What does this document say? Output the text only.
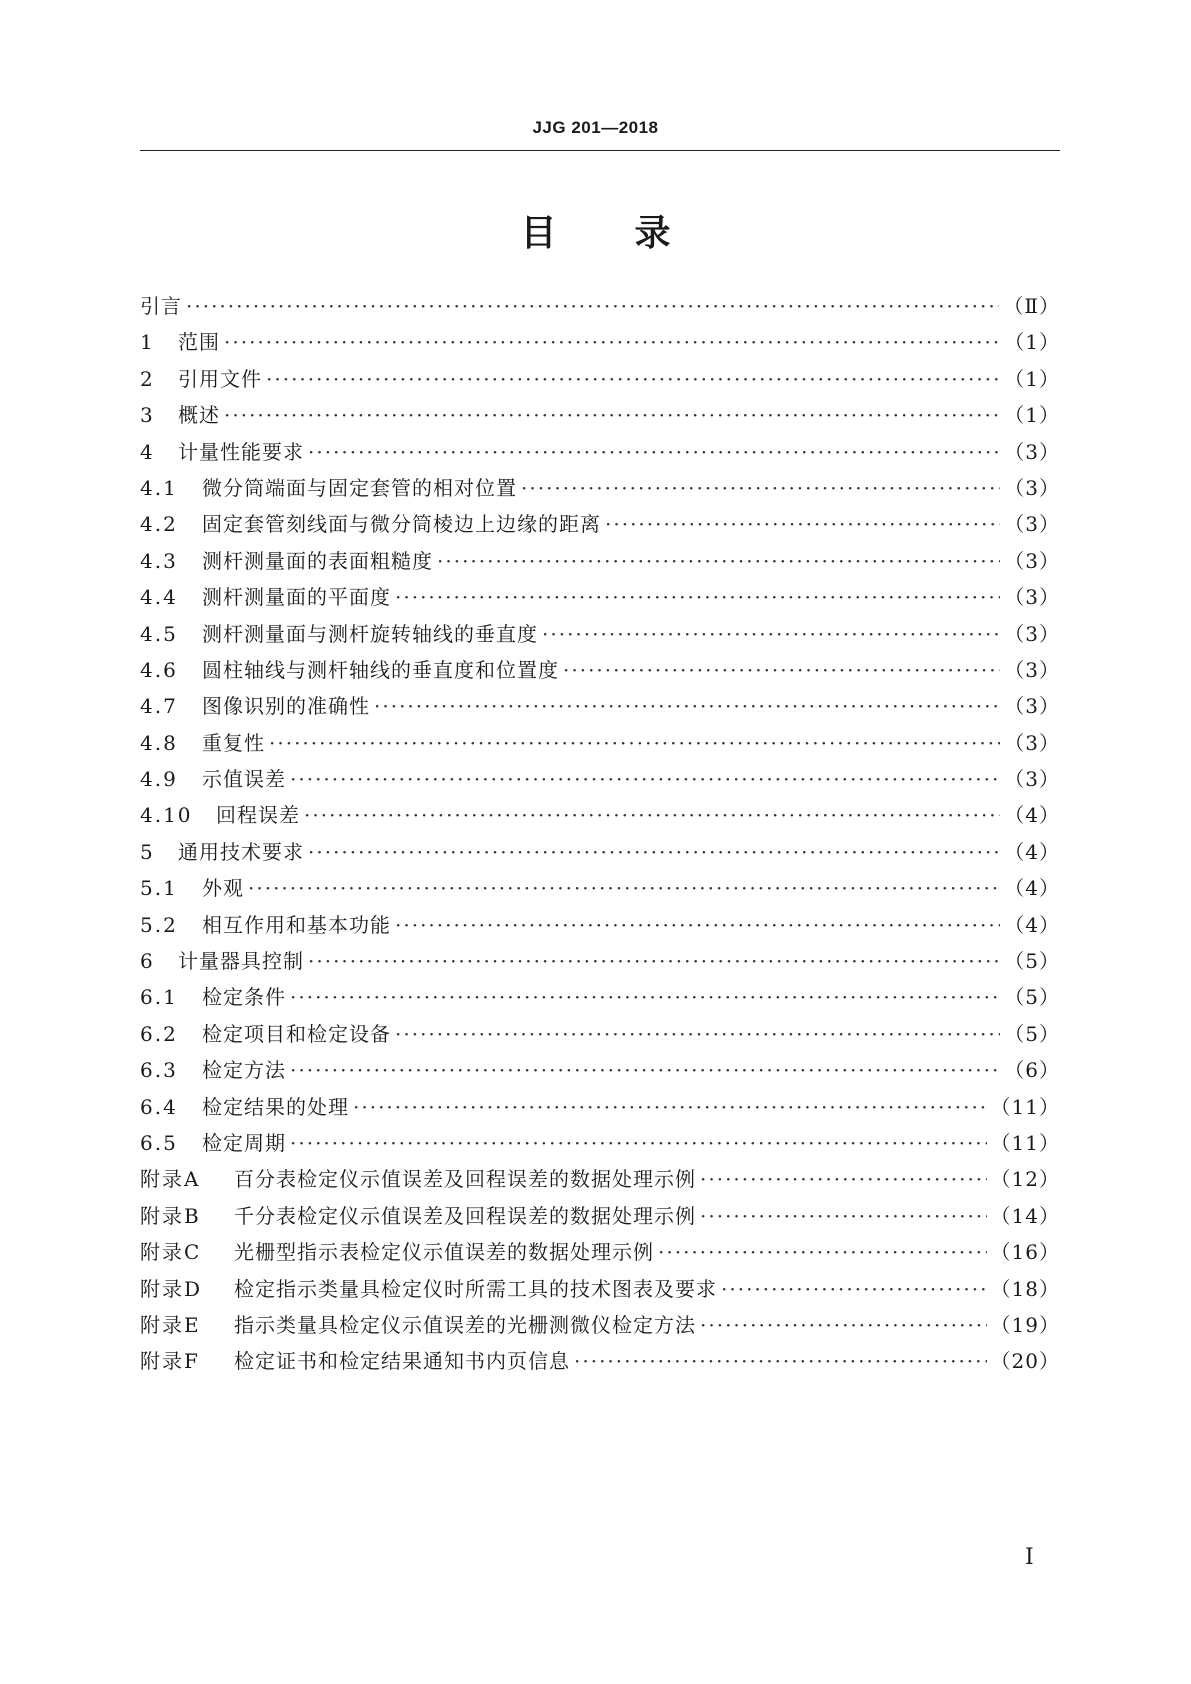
JJG 201—2018
目录
引言 ·····	（Ⅱ）
1	范围 ·····	（1）
2	引用文件 ·····	（1）
3	概述 ·····	（1）
4	计量性能要求 ·····	（3）
4.1	微分筒端面与固定套管的相对位置 ·····	（3）
4.2	固定套管刻线面与微分筒棱边上边缘的距离 ·····	（3）
4.3	测杆测量面的表面粗糙度 ·····	（3）
4.4	测杆测量面的平面度 ·····	（3）
4.5	测杆测量面与测杆旋转轴线的垂直度 ·····	（3）
4.6	圆柱轴线与测杆轴线的垂直度和位置度 ·····	（3）
4.7	图像识别的准确性 ·····	（3）
4.8	重复性 ·····	（3）
4.9	示值误差 ·····	（3）
4.10	回程误差 ·····	（4）
5	通用技术要求 ·····	（4）
5.1	外观 ·····	（4）
5.2	相互作用和基本功能 ·····	（4）
6	计量器具控制 ·····	（5）
6.1	检定条件 ·····	（5）
6.2	检定项目和检定设备 ·····	（5）
6.3	检定方法 ·····	（6）
6.4	检定结果的处理 ·····	（11）
6.5	检定周期 ·····	（11）
附录A	百分表检定仪示值误差及回程误差的数据处理示例 ·····	（12）
附录B	千分表检定仪示值误差及回程误差的数据处理示例 ·····	（14）
附录C	光栅型指示表检定仪示值误差的数据处理示例 ·····	（16）
附录D	检定指示类量具检定仪时所需工具的技术图表及要求 ·····	（18）
附录E	指示类量具检定仪示值误差的光栅测微仪检定方法 ·····	（19）
附录F	检定证书和检定结果通知书内页信息 ·····	（20）
Ⅰ
